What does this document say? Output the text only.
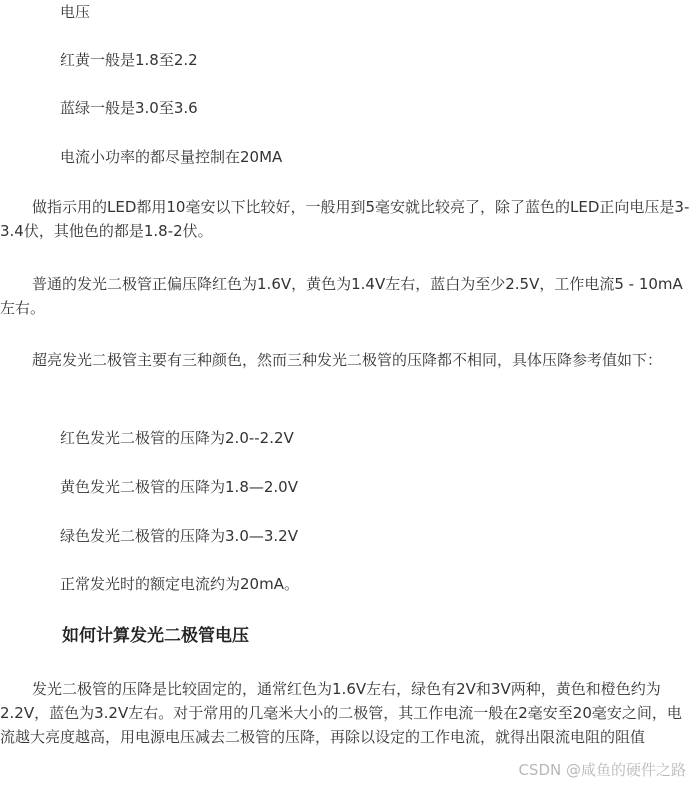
电压

红黄一般是1.8至2.2

蓝绿一般是3.0至3.6

电流小功率的都尽量控制在20MA

做指示用的LED都用10毫安以下比较好，一般用到5毫安就比较亮了，除了蓝色的LED正向电压是3-3.4伏，其他色的都是1.8-2伏。

普通的发光二极管正偏压降红色为1.6V，黄色为1.4V左右，蓝白为至少2.5V，工作电流5 - 10mA左右。

超亮发光二极管主要有三种颜色，然而三种发光二极管的压降都不相同，具体压降参考值如下：

红色发光二极管的压降为2.0--2.2V

黄色发光二极管的压降为1.8—2.0V

绿色发光二极管的压降为3.0—3.2V

正常发光时的额定电流约为20mA。

如何计算发光二极管电压

发光二极管的压降是比较固定的，通常红色为1.6V左右，绿色有2V和3V两种，黄色和橙色约为2.2V，蓝色为3.2V左右。对于常用的几毫米大小的二极管，其工作电流一般在2毫安至20毫安之间，电流越大亮度越高，用电源电压减去二极管的压降，再除以设定的工作电流，就得出限流电阻的阻值

CSDN @咸鱼的硬件之路
